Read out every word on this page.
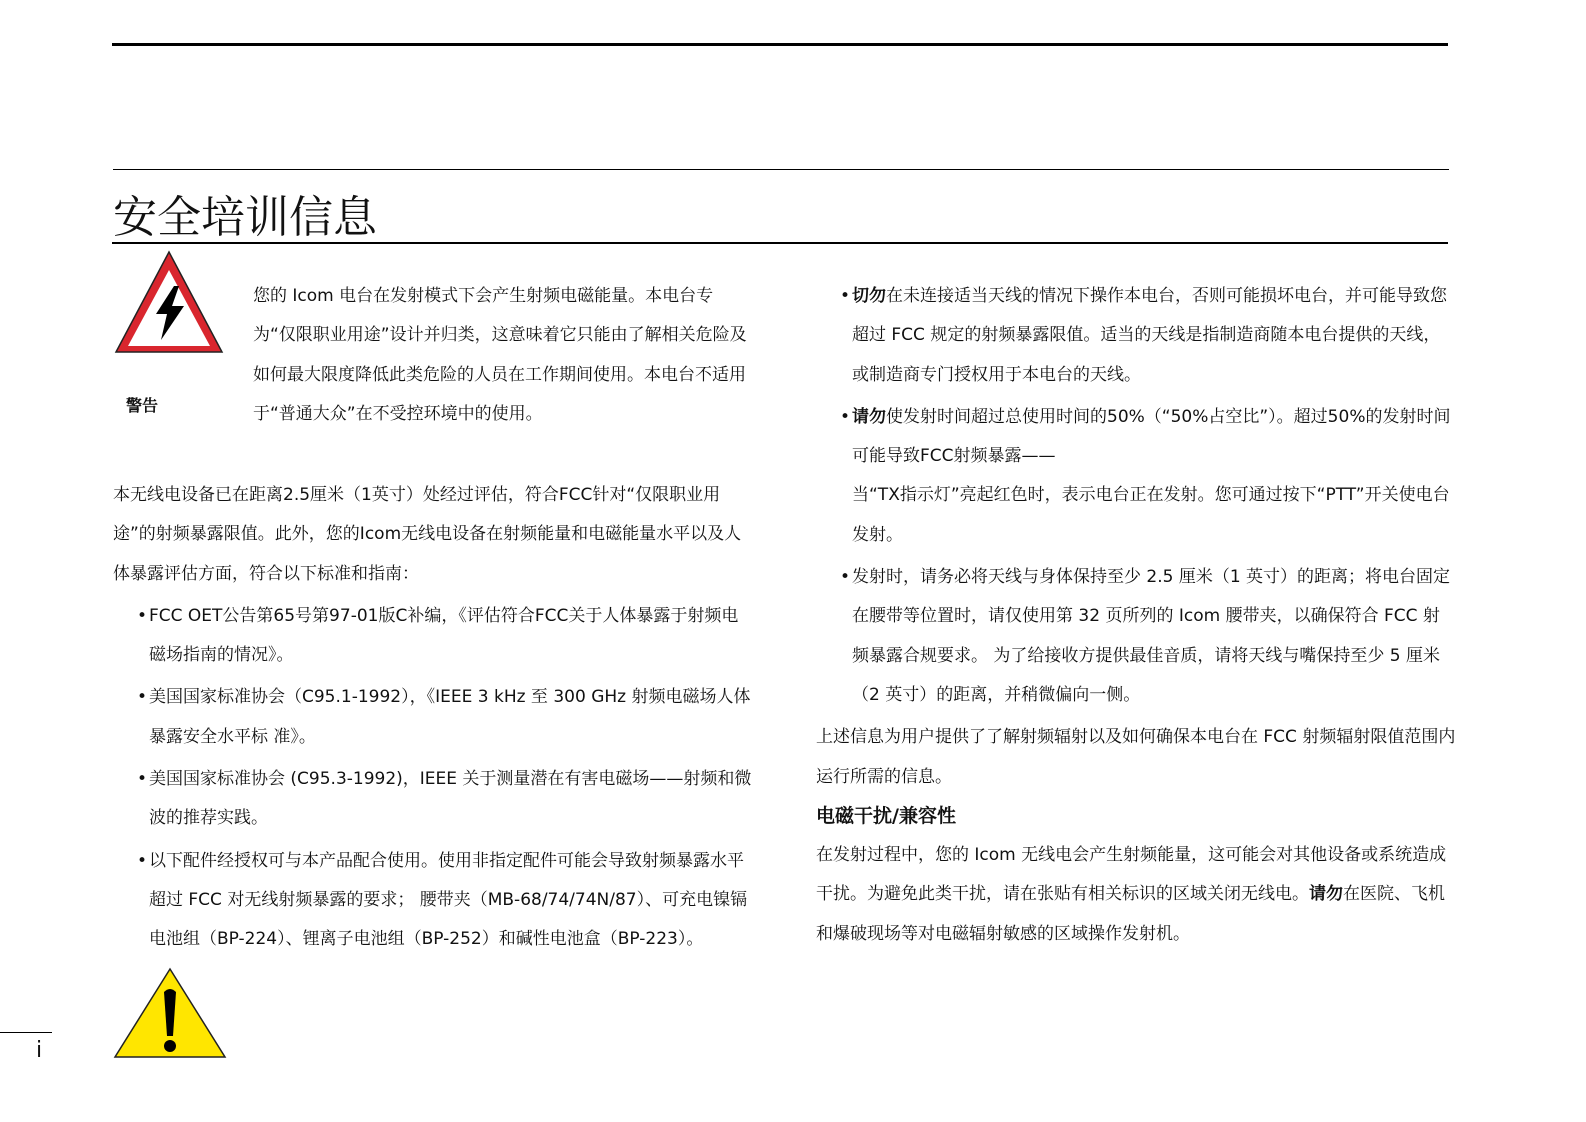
安全培训信息
警告

您的 Icom 电台在发射模式下会产生射频电磁能量。本电台专为“仅限职业用途”设计并归类，这意味着它只能由了解相关危险及如何最大限度降低此类危险的人员在工作期间使用。本电台不适用于“普通大众”在不受控环境中的使用。

本无线电设备已在距离2.5厘米（1英寸）处经过评估，符合FCC针对“仅限职业用途”的射频暴露限值。此外，您的Icom无线电设备在射频能量和电磁能量水平以及人体暴露评估方面，符合以下标准和指南：

• FCC OET公告第65号第97-01版C补编，《评估符合FCC关于人体暴露于射频电磁场指南的情况》。
• 美国国家标准协会（C95.1-1992），《IEEE 3 kHz 至 300 GHz 射频电磁场人体暴露安全水平标 准》。
• 美国国家标准协会 (C95.3-1992)，IEEE 关于测量潜在有害电磁场——射频和微波的推荐实践。
• 以下配件经授权可与本产品配合使用。使用非指定配件可能会导致射频暴露水平超过 FCC 对无线射频暴露的要求； 腰带夹（MB-68/74/74N/87）、可充电镍镉电池组（BP-224）、锂离子电池组（BP-252）和碱性电池盒（BP-223）。
• 切勿在未连接适当天线的情况下操作本电台，否则可能损坏电台，并可能导致您超过 FCC 规定的射频暴露限值。适当的天线是指制造商随本电台提供的天线，或制造商专门授权用于本电台的天线。
• 请勿使发射时间超过总使用时间的50%（“50%占空比”）。超过50%的发射时间可能导致FCC射频暴露——
当“TX指示灯”亮起红色时，表示电台正在发射。您可通过按下“PTT”开关使电台发射。
• 发射时，请务必将天线与身体保持至少 2.5 厘米（1 英寸）的距离；将电台固定在腰带等位置时，请仅使用第 32 页所列的 Icom 腰带夹，以确保符合 FCC 射频暴露合规要求。 为了给接收方提供最佳音质，请将天线与嘴保持至少 5 厘米（2 英寸）的距离，并稍微偏向一侧。

上述信息为用户提供了了解射频辐射以及如何确保本电台在 FCC 射频辐射限值范围内运行所需的信息。

电磁干扰/兼容性

在发射过程中，您的 Icom 无线电会产生射频能量，这可能会对其他设备或系统造成干扰。为避免此类干扰，请在张贴有相关标识的区域关闭无线电。请勿在医院、飞机和爆破现场等对电磁辐射敏感的区域操作发射机。

i
